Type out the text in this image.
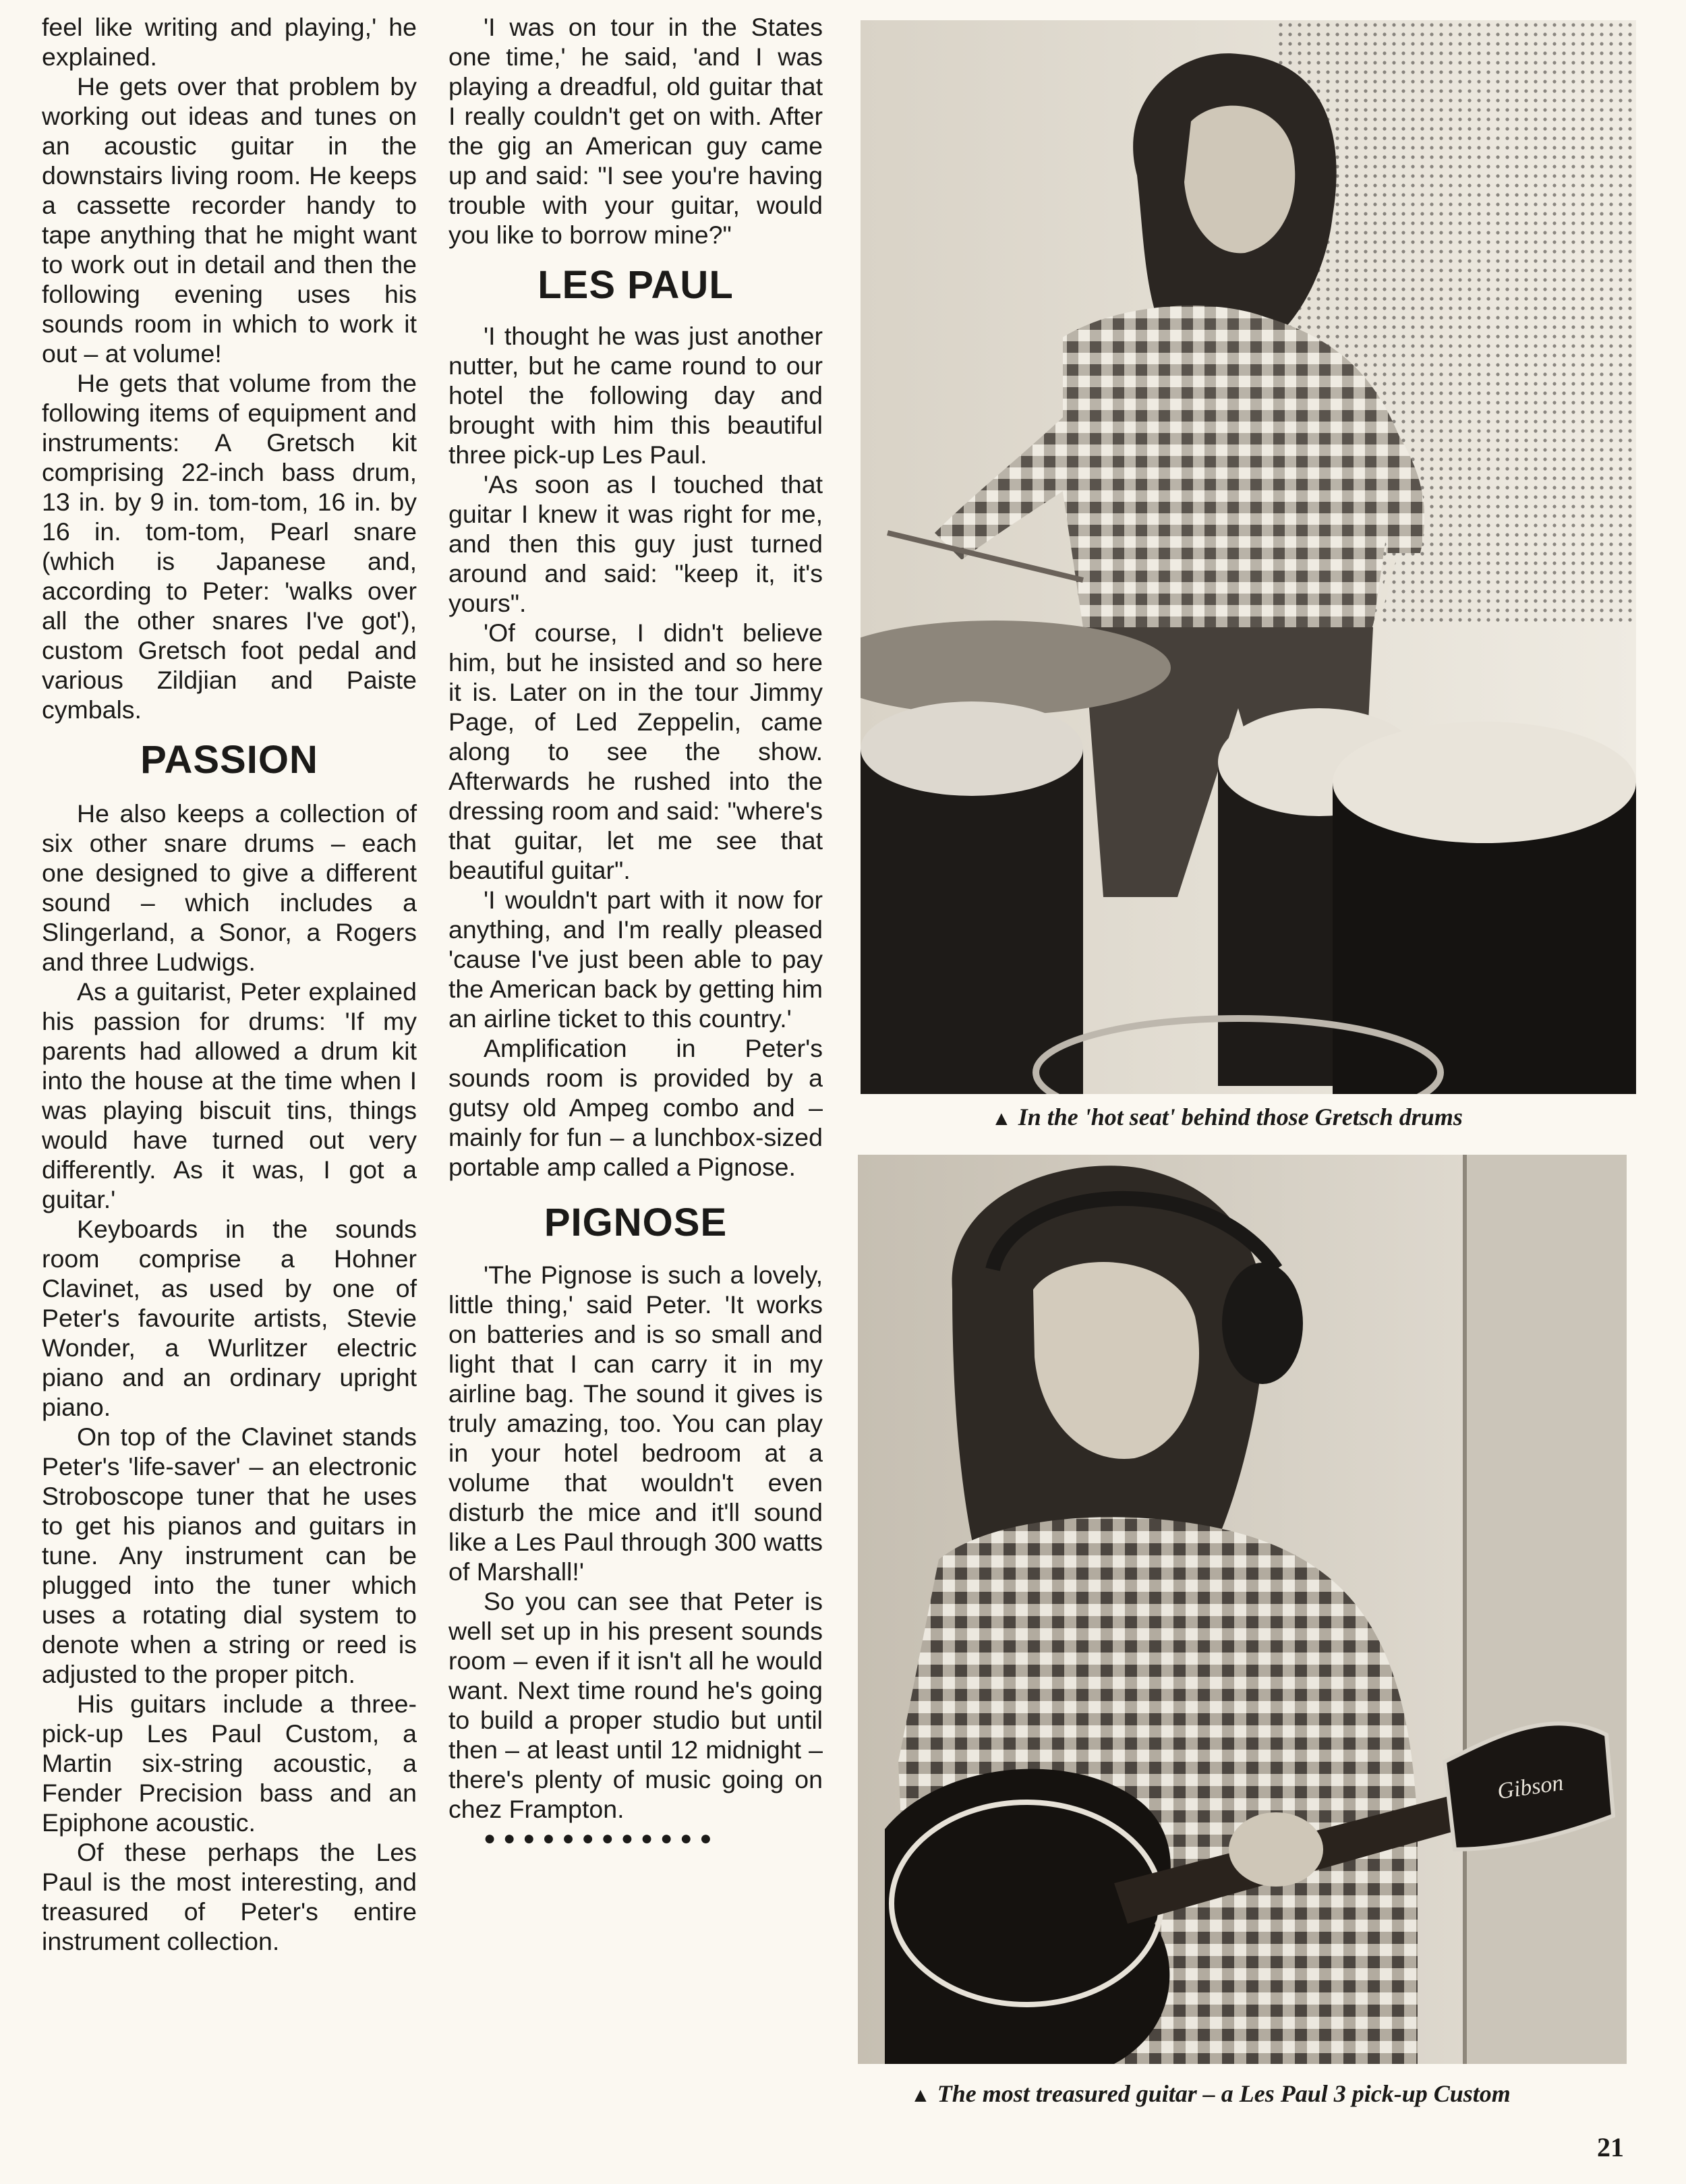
feel like writing and playing,' he explained.

He gets over that problem by working out ideas and tunes on an acoustic guitar in the downstairs living room. He keeps a cassette recorder handy to tape anything that he might want to work out in detail and then the following evening uses his sounds room in which to work it out – at volume!

He gets that volume from the following items of equipment and instruments: A Gretsch kit comprising 22-inch bass drum, 13 in. by 9 in. tom-tom, 16 in. by 16 in. tom-tom, Pearl snare (which is Japanese and, according to Peter: 'walks over all the other snares I've got'), custom Gretsch foot pedal and various Zildjian and Paiste cymbals.

PASSION

He also keeps a collection of six other snare drums – each one designed to give a different sound – which includes a Slingerland, a Sonor, a Rogers and three Ludwigs.

As a guitarist, Peter explained his passion for drums: 'If my parents had allowed a drum kit into the house at the time when I was playing biscuit tins, things would have turned out very differently. As it was, I got a guitar.'

Keyboards in the sounds room comprise a Hohner Clavinet, as used by one of Peter's favourite artists, Stevie Wonder, a Wurlitzer electric piano and an ordinary upright piano.

On top of the Clavinet stands Peter's 'life-saver' – an electronic Stroboscope tuner that he uses to get his pianos and guitars in tune. Any instrument can be plugged into the tuner which uses a rotating dial system to denote when a string or reed is adjusted to the proper pitch.

His guitars include a three-pick-up Les Paul Custom, a Martin six-string acoustic, a Fender Precision bass and an Epiphone acoustic.

Of these perhaps the Les Paul is the most interesting, and treasured of Peter's entire instrument collection.

'I was on tour in the States one time,' he said, 'and I was playing a dreadful, old guitar that I really couldn't get on with. After the gig an American guy came up and said: "I see you're having trouble with your guitar, would you like to borrow mine?"

LES PAUL

'I thought he was just another nutter, but he came round to our hotel the following day and brought with him this beautiful three pick-up Les Paul.

'As soon as I touched that guitar I knew it was right for me, and then this guy just turned around and said: "keep it, it's yours".

'Of course, I didn't believe him, but he insisted and so here it is. Later on in the tour Jimmy Page, of Led Zeppelin, came along to see the show. Afterwards he rushed into the dressing room and said: "where's that guitar, let me see that beautiful guitar".

'I wouldn't part with it now for anything, and I'm really pleased 'cause I've just been able to pay the American back by getting him an airline ticket to this country.'

Amplification in Peter's sounds room is provided by a gutsy old Ampeg combo and – mainly for fun – a lunchbox-sized portable amp called a Pignose.

PIGNOSE

'The Pignose is such a lovely, little thing,' said Peter. 'It works on batteries and is so small and light that I can carry it in my airline bag. The sound it gives is truly amazing, too. You can play in your hotel bedroom at a volume that wouldn't even disturb the mice and it'll sound like a Les Paul through 300 watts of Marshall!'

So you can see that Peter is well set up in his present sounds room – even if it isn't all he would want. Next time round he's going to build a proper studio but until then – at least until 12 midnight – there's plenty of music going on chez Frampton.

●●●●●●●●●●●●

▲ In the 'hot seat' behind those Gretsch drums
Gibson
▲ The most treasured guitar – a Les Paul 3 pick-up Custom
21
